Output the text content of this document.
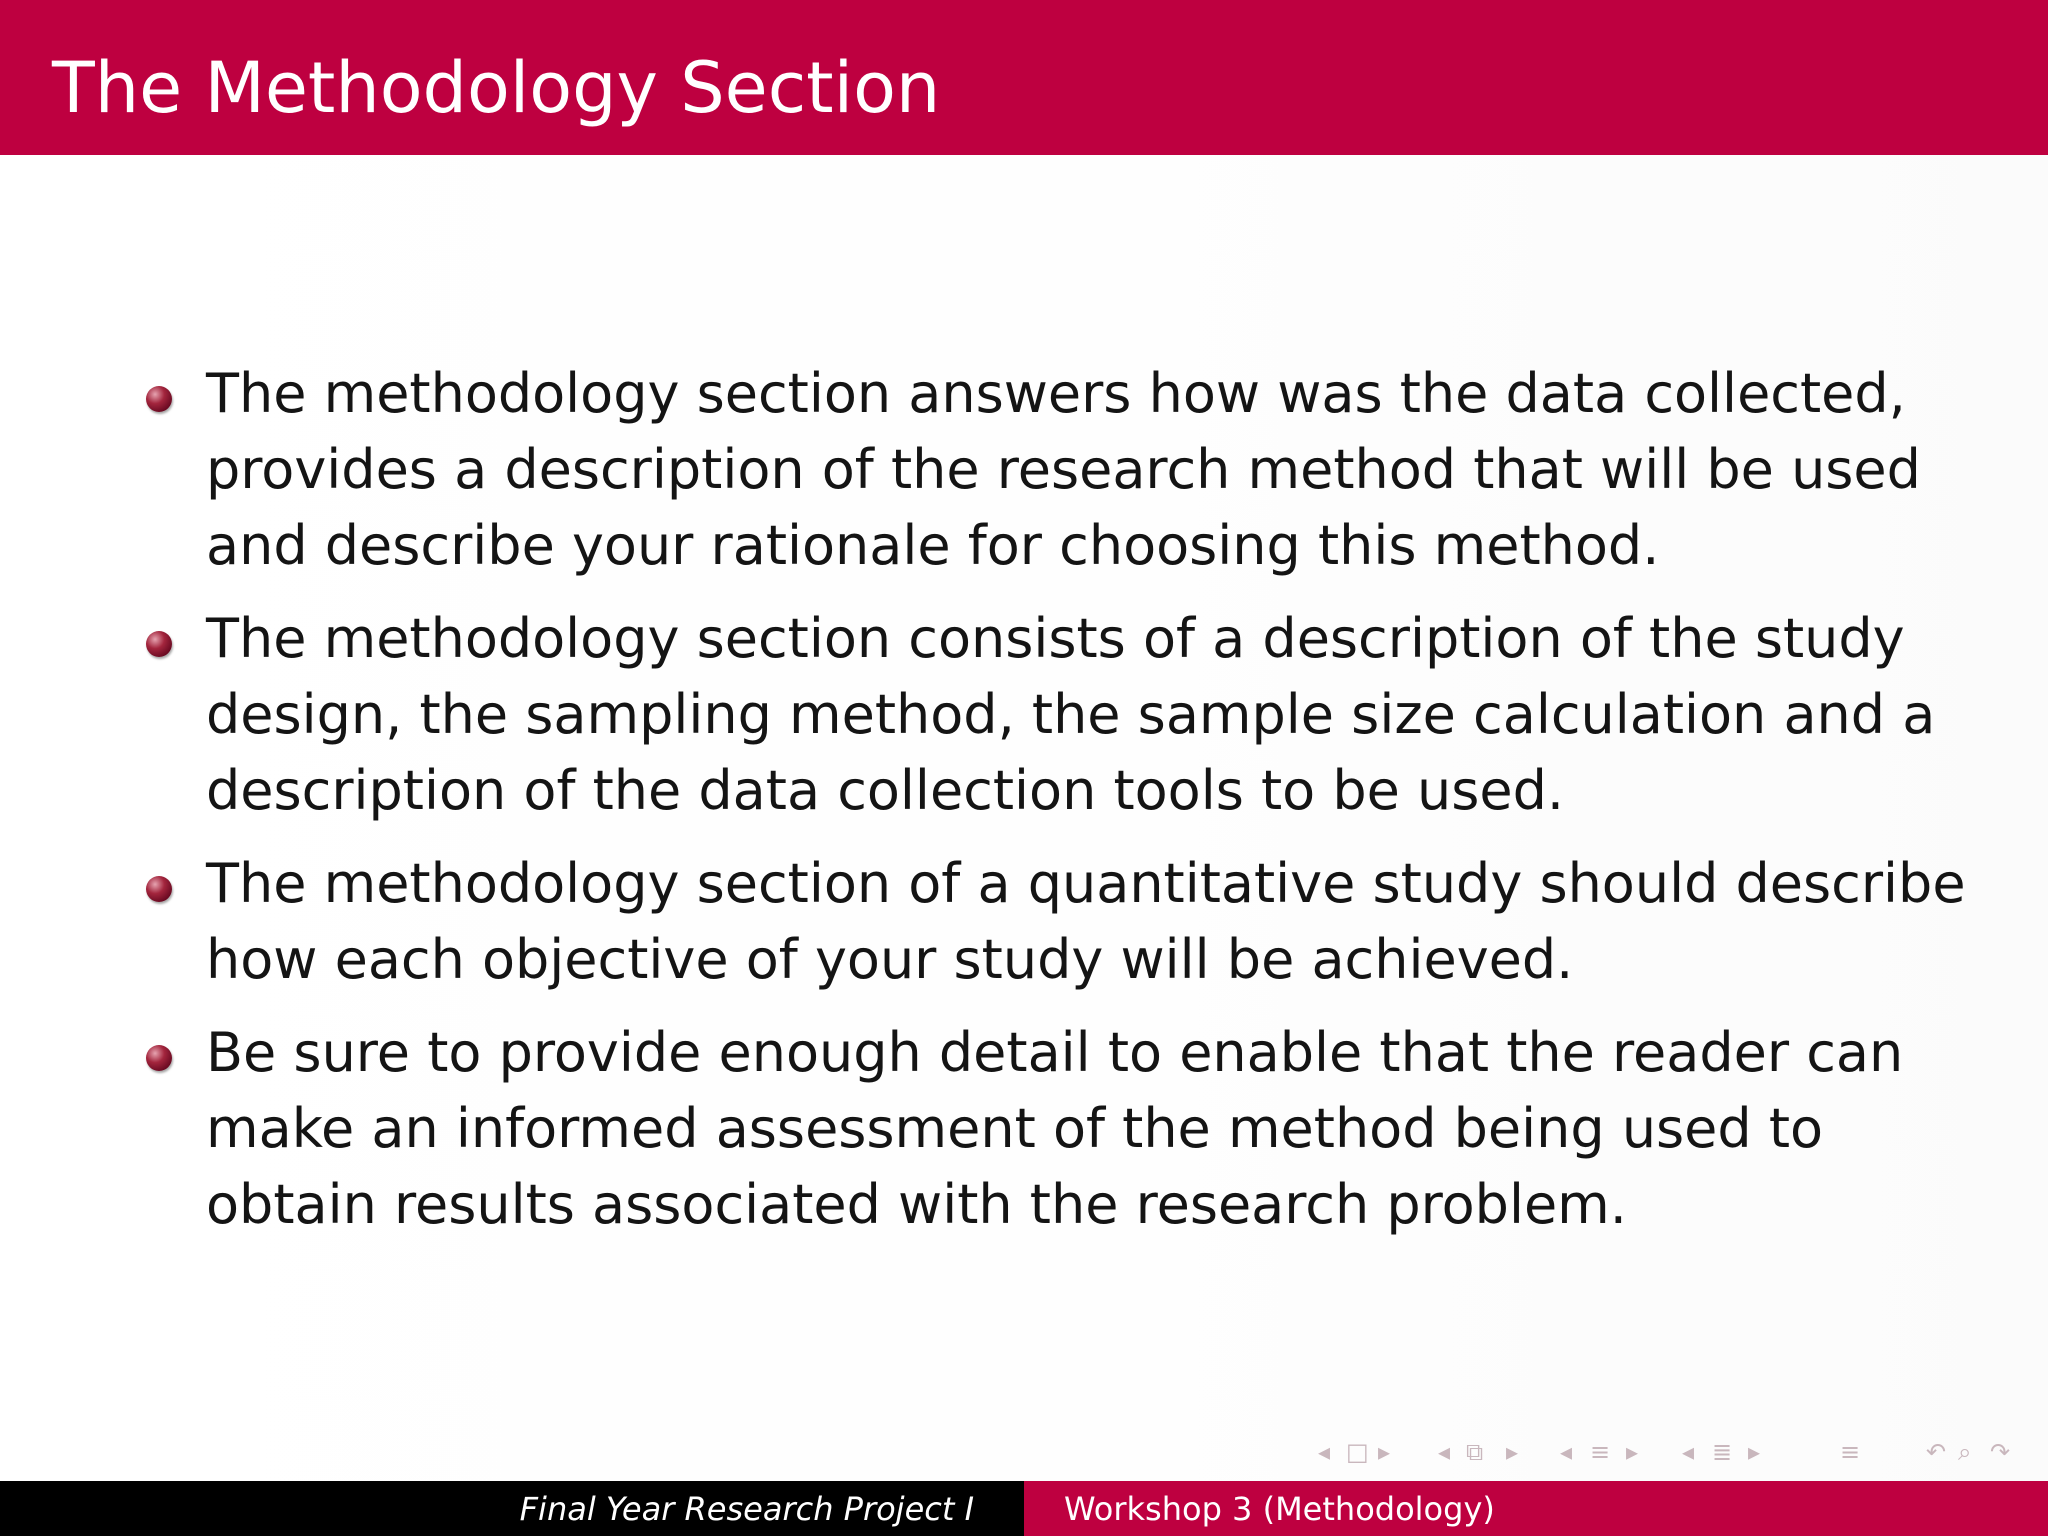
The Methodology Section
The methodology section answers how was the data collected, provides a description of the research method that will be used and describe your rationale for choosing this method.
The methodology section consists of a description of the study design, the sampling method, the sample size calculation and a description of the data collection tools to be used.
The methodology section of a quantitative study should describe how each objective of your study will be achieved.
Be sure to provide enough detail to enable that the reader can make an informed assessment of the method being used to obtain results associated with the research problem.
◂ □ ▸ ◂ ⧉ ▸ ◂ ≡ ▸ ◂ ≣ ▸	≡	↶ ⌕ ↷
Final Year Research Project I	Workshop 3 (Methodology)
